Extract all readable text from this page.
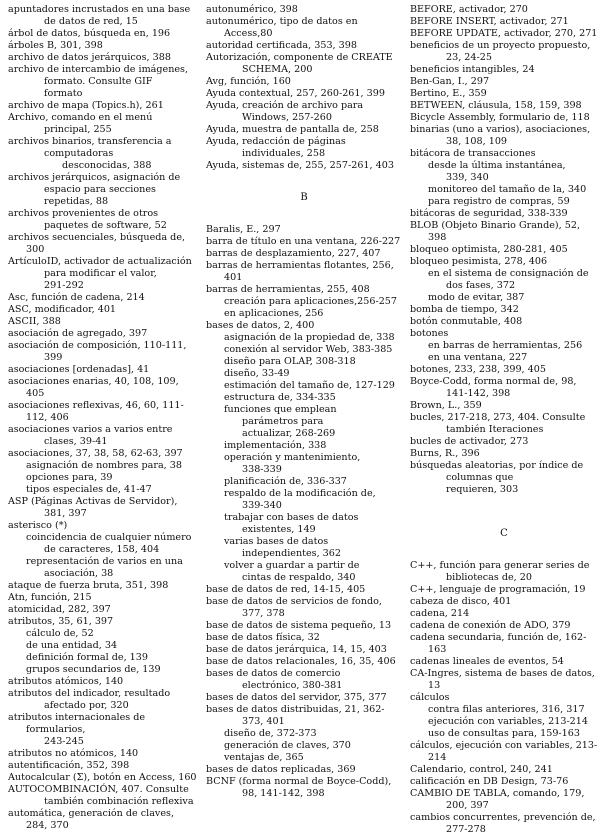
apuntadores incrustados en una base
de datos de red, 15
árbol de datos, búsqueda en, 196
árboles B, 301, 398
archivo de datos jerárquicos, 388
archivo de intercambio de imágenes,
formato. Consulte GIF
formato
archivo de mapa (Topics.h), 261
Archivo, comando en el menú
principal, 255
archivos binarios, transferencia a
computadoras
desconocidas, 388
archivos jerárquicos, asignación de
espacio para secciones
repetidas, 88
archivos provenientes de otros
paquetes de software, 52
archivos secuenciales, búsqueda de, 300
ArtículoID, activador de actualización
para modificar el valor,
291-292
Asc, función de cadena, 214
ASC, modificador, 401
ASCII, 388
asociación de agregado, 397
asociación de composición, 110-111,
399
asociaciones [ordenadas], 41
asociaciones enarias, 40, 108, 109, 405
asociaciones reflexivas, 46, 60, 111-112, 406
asociaciones varios a varios entre
clases, 39-41
asociaciones, 37, 38, 58, 62-63, 397
asignación de nombres para, 38
opciones para, 39
tipos especiales de, 41-47
ASP (Páginas Activas de Servidor),
381, 397
asterisco (*)
coincidencia de cualquier número
de caracteres, 158, 404
representación de varios en una
asociación, 38
ataque de fuerza bruta, 351, 398
Atn, función, 215
atomicidad, 282, 397
atributos, 35, 61, 397
cálculo de, 52
de una entidad, 34
definición formal de, 139
grupos secundarios de, 139
atributos atómicos, 140
atributos del indicador, resultado
afectado por, 320
atributos internacionales de formularios,
243-245
atributos no atómicos, 140
autentificación, 352, 398
Autocalcular (Σ), botón en Access, 160
AUTOCOMBINACIÓN, 407. Consulte
también combinación reflexiva
automática, generación de claves, 284, 370
autonumérico, 398
autonumérico, tipo de datos en Access,80
autoridad certificada, 353, 398
Autorización, componente de CREATE
SCHEMA, 200
Avg, función, 160
Ayuda contextual, 257, 260-261, 399
Ayuda, creación de archivo para
Windows, 257-260
Ayuda, muestra de pantalla de, 258
Ayuda, redacción de páginas
individuales, 258
Ayuda, sistemas de, 255, 257-261, 403
B
Baralis, E., 297
barra de título en una ventana, 226-227
barras de desplazamiento, 227, 407
barras de herramientas flotantes, 256, 401
barras de herramientas, 255, 408
creación para aplicaciones,256-257
en aplicaciones, 256
bases de datos, 2, 400
asignación de la propiedad de, 338
conexión al servidor Web, 383-385
diseño para OLAP, 308-318
diseño, 33-49
estimación del tamaño de, 127-129
estructura de, 334-335
funciones que emplean
parámetros para
actualizar, 268-269
implementación, 338
operación y mantenimiento,
338-339
planificación de, 336-337
respaldo de la modificación de,
339-340
trabajar con bases de datos
existentes, 149
varias bases de datos
independientes, 362
volver a guardar a partir de
cintas de respaldo, 340
base de datos de red, 14-15, 405
base de datos de servicios de fondo,
377, 378
base de datos de sistema pequeño, 13
base de datos física, 32
base de datos jerárquica, 14, 15, 403
base de datos relacionales, 16, 35, 406
bases de datos de comercio
electrónico, 380-381
bases de datos del servidor, 375, 377
bases de datos distribuidas, 21, 362-
373, 401
diseño de, 372-373
generación de claves, 370
ventajas de, 365
bases de datos replicadas, 369
BCNF (forma normal de Boyce-Codd),
98, 141-142, 398
BEFORE, activador, 270
BEFORE INSERT, activador, 271
BEFORE UPDATE, activador, 270, 271
beneficios de un proyecto propuesto,
23, 24-25
beneficios intangibles, 24
Ben-Gan, I., 297
Bertino, E., 359
BETWEEN, cláusula, 158, 159, 398
Bicycle Assembly, formulario de, 118
binarias (uno a varios), asociaciones,
38, 108, 109
bitácora de transacciones
desde la última instantánea,
339, 340
monitoreo del tamaño de la, 340
para registro de compras, 59
bitácoras de seguridad, 338-339
BLOB (Objeto Binario Grande), 52, 398
bloqueo optimista, 280-281, 405
bloqueo pesimista, 278, 406
en el sistema de consignación de
dos fases, 372
modo de evitar, 387
bomba de tiempo, 342
botón conmutable, 408
botones
en barras de herramientas, 256
en una ventana, 227
botones, 233, 238, 399, 405
Boyce-Codd, forma normal de, 98,
141-142, 398
Brown, L., 359
bucles, 217-218, 273, 404. Consulte
también Iteraciones
bucles de activador, 273
Burns, R., 396
búsquedas aleatorias, por índice de
columnas que
requieren, 303
C
C++, función para generar series de
bibliotecas de, 20
C++, lenguaje de programación, 19
cabeza de disco, 401
cadena, 214
cadena de conexión de ADO, 379
cadena secundaria, función de, 162-163
cadenas lineales de eventos, 54
CA-Ingres, sistema de bases de datos, 13
cálculos
contra filas anteriores, 316, 317
ejecución con variables, 213-214
uso de consultas para, 159-163
cálculos, ejecución con variables, 213-214
Calendario, control, 240, 241
calificación en DB Design, 73-76
CAMBIO DE TABLA, comando, 179,
200, 397
cambios concurrentes, prevención de,
277-278
